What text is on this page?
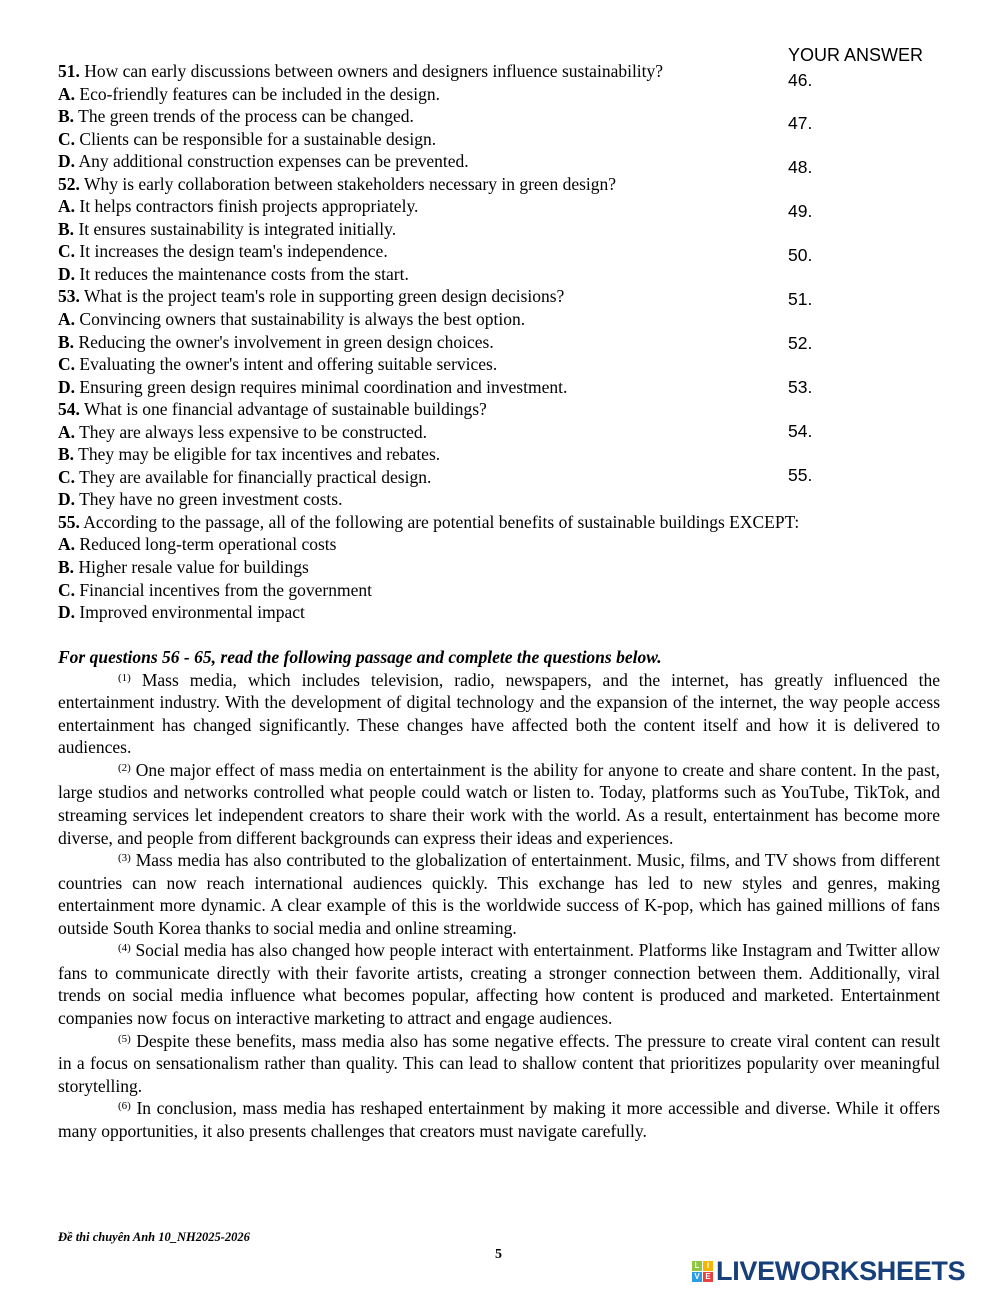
51. How can early discussions between owners and designers influence sustainability?
A. Eco-friendly features can be included in the design.
B. The green trends of the process can be changed.
C. Clients can be responsible for a sustainable design.
D. Any additional construction expenses can be prevented.
52. Why is early collaboration between stakeholders necessary in green design?
A. It helps contractors finish projects appropriately.
B. It ensures sustainability is integrated initially.
C. It increases the design team's independence.
D. It reduces the maintenance costs from the start.
53. What is the project team's role in supporting green design decisions?
A. Convincing owners that sustainability is always the best option.
B. Reducing the owner's involvement in green design choices.
C. Evaluating the owner's intent and offering suitable services.
D. Ensuring green design requires minimal coordination and investment.
54. What is one financial advantage of sustainable buildings?
A. They are always less expensive to be constructed.
B. They may be eligible for tax incentives and rebates.
C. They are available for financially practical design.
D. They have no green investment costs.
55. According to the passage, all of the following are potential benefits of sustainable buildings EXCEPT:
A. Reduced long-term operational costs
B. Higher resale value for buildings
C. Financial incentives from the government
D. Improved environmental impact
For questions 56 - 65, read the following passage and complete the questions below.
$^{(1)}$ Mass media, which includes television, radio, newspapers, and the internet, has greatly influenced the entertainment industry. With the development of digital technology and the expansion of the internet, the way people access entertainment has changed significantly. These changes have affected both the content itself and how it is delivered to audiences.
$^{(2)}$ One major effect of mass media on entertainment is the ability for anyone to create and share content. In the past, large studios and networks controlled what people could watch or listen to. Today, platforms such as YouTube, TikTok, and streaming services let independent creators to share their work with the world. As a result, entertainment has become more diverse, and people from different backgrounds can express their ideas and experiences.
$^{(3)}$ Mass media has also contributed to the globalization of entertainment. Music, films, and TV shows from different countries can now reach international audiences quickly. This exchange has led to new styles and genres, making entertainment more dynamic. A clear example of this is the worldwide success of K-pop, which has gained millions of fans outside South Korea thanks to social media and online streaming.
$^{(4)}$ Social media has also changed how people interact with entertainment. Platforms like Instagram and Twitter allow fans to communicate directly with their favorite artists, creating a stronger connection between them. Additionally, viral trends on social media influence what becomes popular, affecting how content is produced and marketed. Entertainment companies now focus on interactive marketing to attract and engage audiences.
$^{(5)}$ Despite these benefits, mass media also has some negative effects. The pressure to create viral content can result in a focus on sensationalism rather than quality. This can lead to shallow content that prioritizes popularity over meaningful storytelling.
$^{(6)}$ In conclusion, mass media has reshaped entertainment by making it more accessible and diverse. While it offers many opportunities, it also presents challenges that creators must navigate carefully.
YOUR ANSWER
46.
47.
48.
49.
50.
51.
52.
53.
54.
55.
Đề thi chuyên Anh 10_NH2025-2026
5
L I
V E LIVEWORKSHEETS
